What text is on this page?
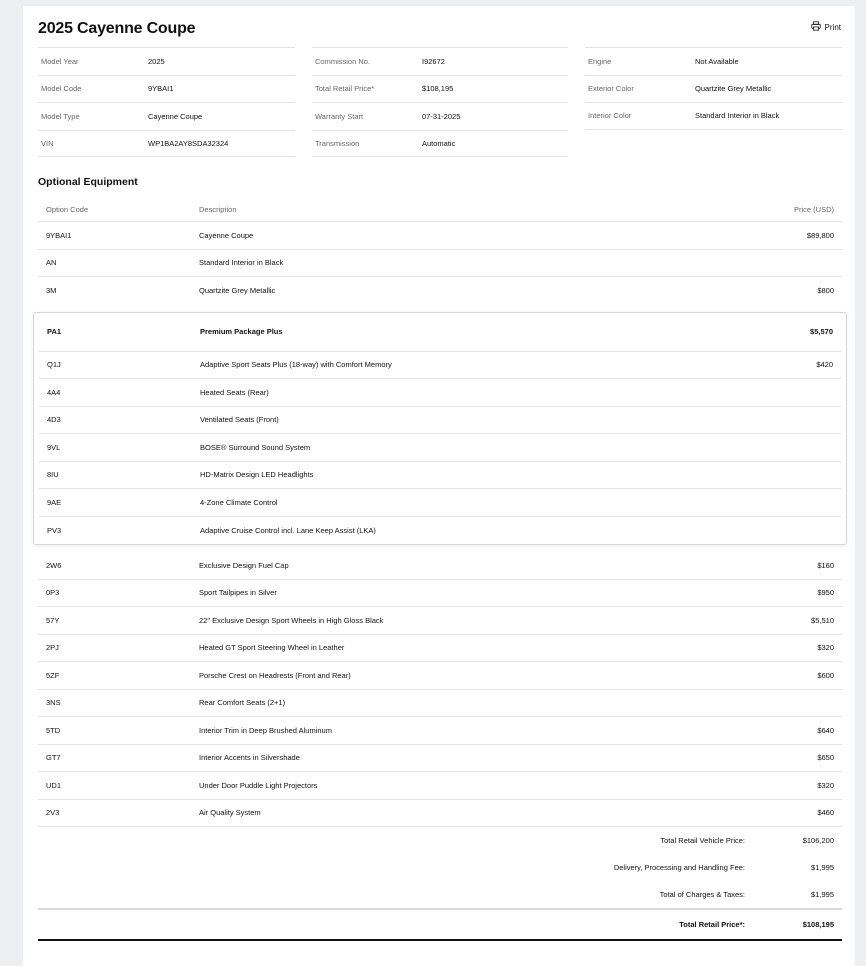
2025 Cayenne Coupe	Print
Model Year	2025
Model Code	9YBAI1
Model Type	Cayenne Coupe
VIN	WP1BA2AY8SDA32324
Commission No.	I92672
Total Retail Price*	$108,195
Warranty Start	07-31-2025
Transmission	Automatic
Engine	Not Available
Exterior Color	Quartzite Grey Metallic
Interior Color	Standard Interior in Black
Optional Equipment
Option Code	Description	Price (USD)
9YBAI1	Cayenne Coupe	$89,800
AN	Standard Interior in Black
3M	Quartzite Grey Metallic	$800
PA1	Premium Package Plus	$5,570
Q1J	Adaptive Sport Seats Plus (18-way) with Comfort Memory	$420
4A4	Heated Seats (Rear)
4D3	Ventilated Seats (Front)
9VL	BOSE® Surround Sound System
8IU	HD-Matrix Design LED Headlights
9AE	4-Zone Climate Control
PV3	Adaptive Cruise Control incl. Lane Keep Assist (LKA)
2W6	Exclusive Design Fuel Cap	$160
0P3	Sport Tailpipes in Silver	$950
57Y	22" Exclusive Design Sport Wheels in High Gloss Black	$5,510
2PJ	Heated GT Sport Steering Wheel in Leather	$320
5ZF	Porsche Crest on Headrests (Front and Rear)	$600
3NS	Rear Comfort Seats (2+1)
5TD	Interior Trim in Deep Brushed Aluminum	$640
GT7	Interior Accents in Silvershade	$650
UD1	Under Door Puddle Light Projectors	$320
2V3	Air Quality System	$460
Total Retail Vehicle Price:	$106,200
Delivery, Processing and Handling Fee:	$1,995
Total of Charges & Taxes:	$1,995
Total Retail Price*:	$108,195
